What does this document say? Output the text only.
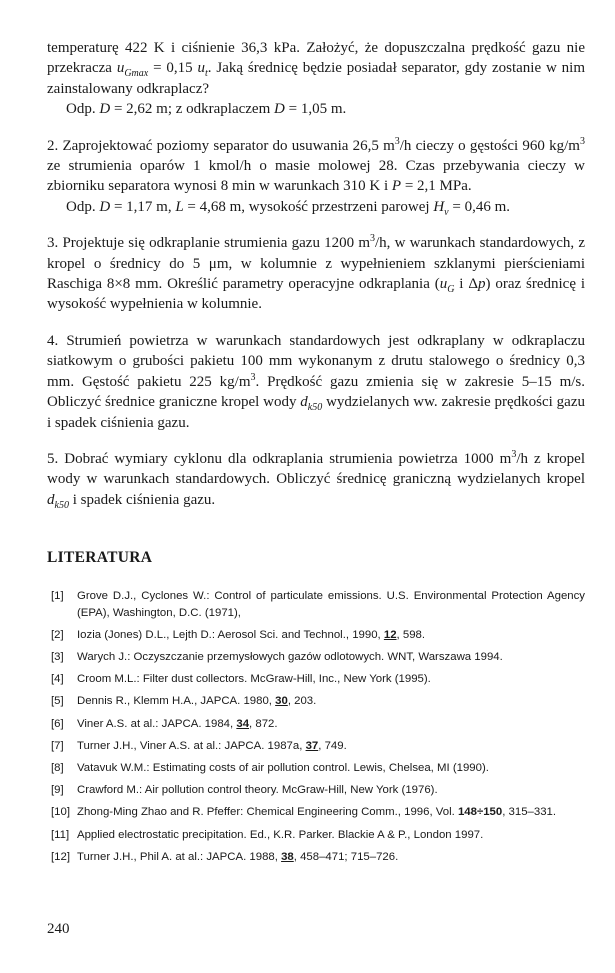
temperaturę 422 K i ciśnienie 36,3 kPa. Założyć, że dopuszczalna prędkość gazu nie przekracza $u_{Gmax} = 0,15$ $u_t$. Jaką średnicę będzie posiadał separator, gdy zostanie w nim zainstalowany odkraplacz?

Odp. D = 2,62 m; z odkraplaczem D = 1,05 m.

2. Zaprojektować poziomy separator do usuwania 26,5 $m^3/h$ cieczy o gęstości 960 $kg/m^3$ ze strumienia oparów 1 kmol/h o masie molowej 28. Czas przebywania cieczy w zbiorniku separatora wynosi 8 min w warunkach 310 K i P = 2,1 MPa.

Odp. D = 1,17 m, L = 4,68 m, wysokość przestrzeni parowej $H_v = 0,46$ m.

3. Projektuje się odkraplanie strumienia gazu 1200 $m^3/h$, w warunkach standardowych, z kropel o średnicy do 5 μm, w kolumnie z wypełnieniem szklanymi pierścieniami Raschiga 8×8 mm. Określić parametry operacyjne odkraplania ($u_G$ i Δp) oraz średnicę i wysokość wypełnienia w kolumnie.

4. Strumień powietrza w warunkach standardowych jest odkraplany w odkraplaczu siatkowym o grubości pakietu 100 mm wykonanym z drutu stalowego o średnicy 0,3 mm. Gęstość pakietu 225 $kg/m^3$. Prędkość gazu zmienia się w zakresie 5–15 m/s. Obliczyć średnice graniczne kropel wody $d_{k50}$ wydzielanych ww. zakresie prędkości gazu i spadek ciśnienia gazu.

5. Dobrać wymiary cyklonu dla odkraplania strumienia powietrza 1000 $m^3/h$ z kropel wody w warunkach standardowych. Obliczyć średnicę graniczną wydzielanych kropel $d_{k50}$ i spadek ciśnienia gazu.

LITERATURA
[1]	Grove D.J., Cyclones W.: Control of particulate emissions. U.S. Environmental Protection Agency (EPA), Washington, D.C. (1971),
[2]	Iozia (Jones) D.L., Lejth D.: Aerosol Sci. and Technol., 1990, 12, 598.
[3]	Warych J.: Oczyszczanie przemysłowych gazów odlotowych. WNT, Warszawa 1994.
[4]	Croom M.L.: Filter dust collectors. McGraw-Hill, Inc., New York (1995).
[5]	Dennis R., Klemm H.A., JAPCA. 1980, 30, 203.
[6]	Viner A.S. at al.: JAPCA. 1984, 34, 872.
[7]	Turner J.H., Viner A.S. at al.: JAPCA. 1987a, 37, 749.
[8]	Vatavuk W.M.: Estimating costs of air pollution control. Lewis, Chelsea, MI (1990).
[9]	Crawford M.: Air pollution control theory. McGraw-Hill, New York (1976).
[10] Zhong-Ming Zhao and R. Pfeffer: Chemical Engineering Comm., 1996, Vol. 148÷150, 315–331.
[11] Applied electrostatic precipitation. Ed., K.R. Parker. Blackie A & P., London 1997.
[12] Turner J.H., Phil A. at al.: JAPCA. 1988, 38, 458–471; 715–726.
240
